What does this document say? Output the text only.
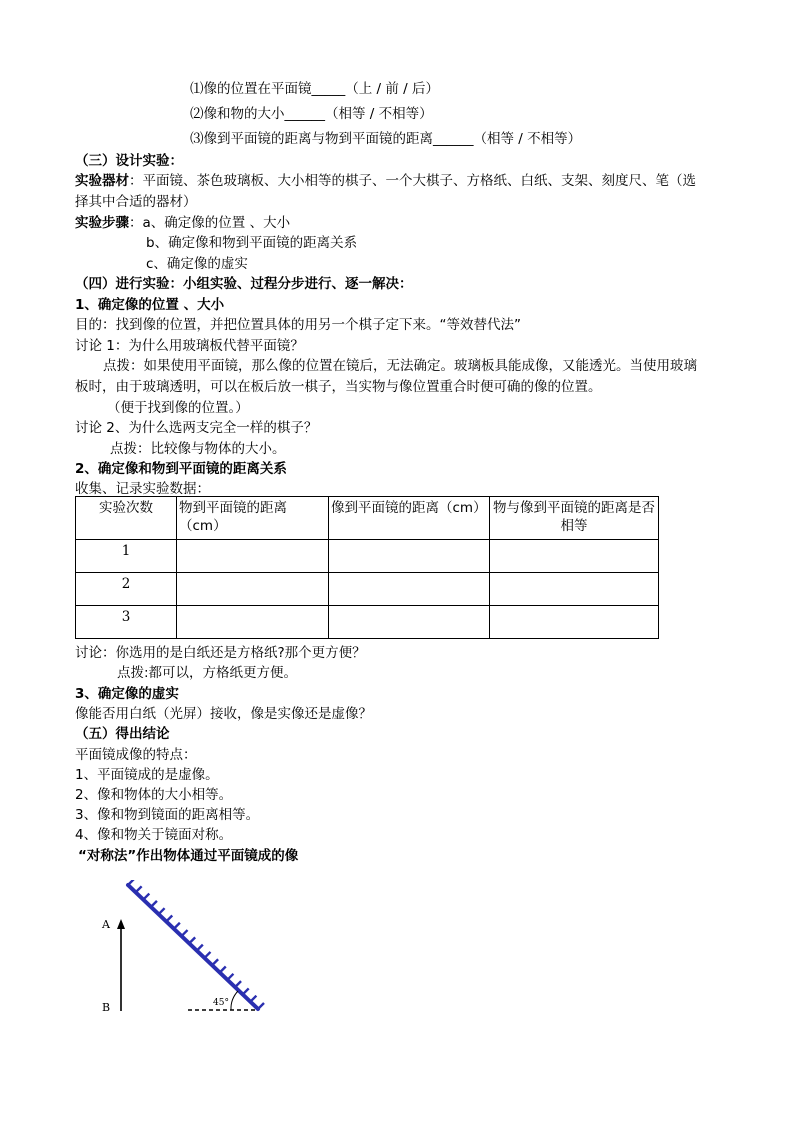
⑴像的位置在平面镜_____（上 / 前 / 后）
⑵像和物的大小______（相等 / 不相等）
⑶像到平面镜的距离与物到平面镜的距离______（相等 / 不相等）
（三）设计实验：
实验器材：平面镜、茶色玻璃板、大小相等的棋子、一个大棋子、方格纸、白纸、支架、刻度尺、笔（选
择其中合适的器材）
实验步骤：a、确定像的位置 、大小
b、确定像和物到平面镜的距离关系
c、确定像的虚实
（四）进行实验：小组实验、过程分步进行、逐一解决：
1、确定像的位置 、大小
目的：找到像的位置，并把位置具体的用另一个棋子定下来。“等效替代法”
讨论 1：为什么用玻璃板代替平面镜？
点拨：如果使用平面镜，那么像的位置在镜后，无法确定。玻璃板具能成像，又能透光。当使用玻璃
板时，由于玻璃透明，可以在板后放一棋子，当实物与像位置重合时便可确的像的位置。
（便于找到像的位置。）
讨论 2、为什么选两支完全一样的棋子？
点拨：比较像与物体的大小。
2、确定像和物到平面镜的距离关系
收集、记录实验数据：
实验次数	物到平面镜的距离（cm）	像到平面镜的距离（cm）	物与像到平面镜的距离是否相等
1			
2			
3			
讨论：你选用的是白纸还是方格纸?那个更方便？
点拨:都可以，方格纸更方便。
3、确定像的虚实
像能否用白纸（光屏）接收，像是实像还是虚像？
（五）得出结论
平面镜成像的特点：
1、平面镜成的是虚像。
2、像和物体的大小相等。
3、像和物到镜面的距离相等。
4、像和物关于镜面对称。
“对称法”作出物体通过平面镜成的像
A
B	45°
